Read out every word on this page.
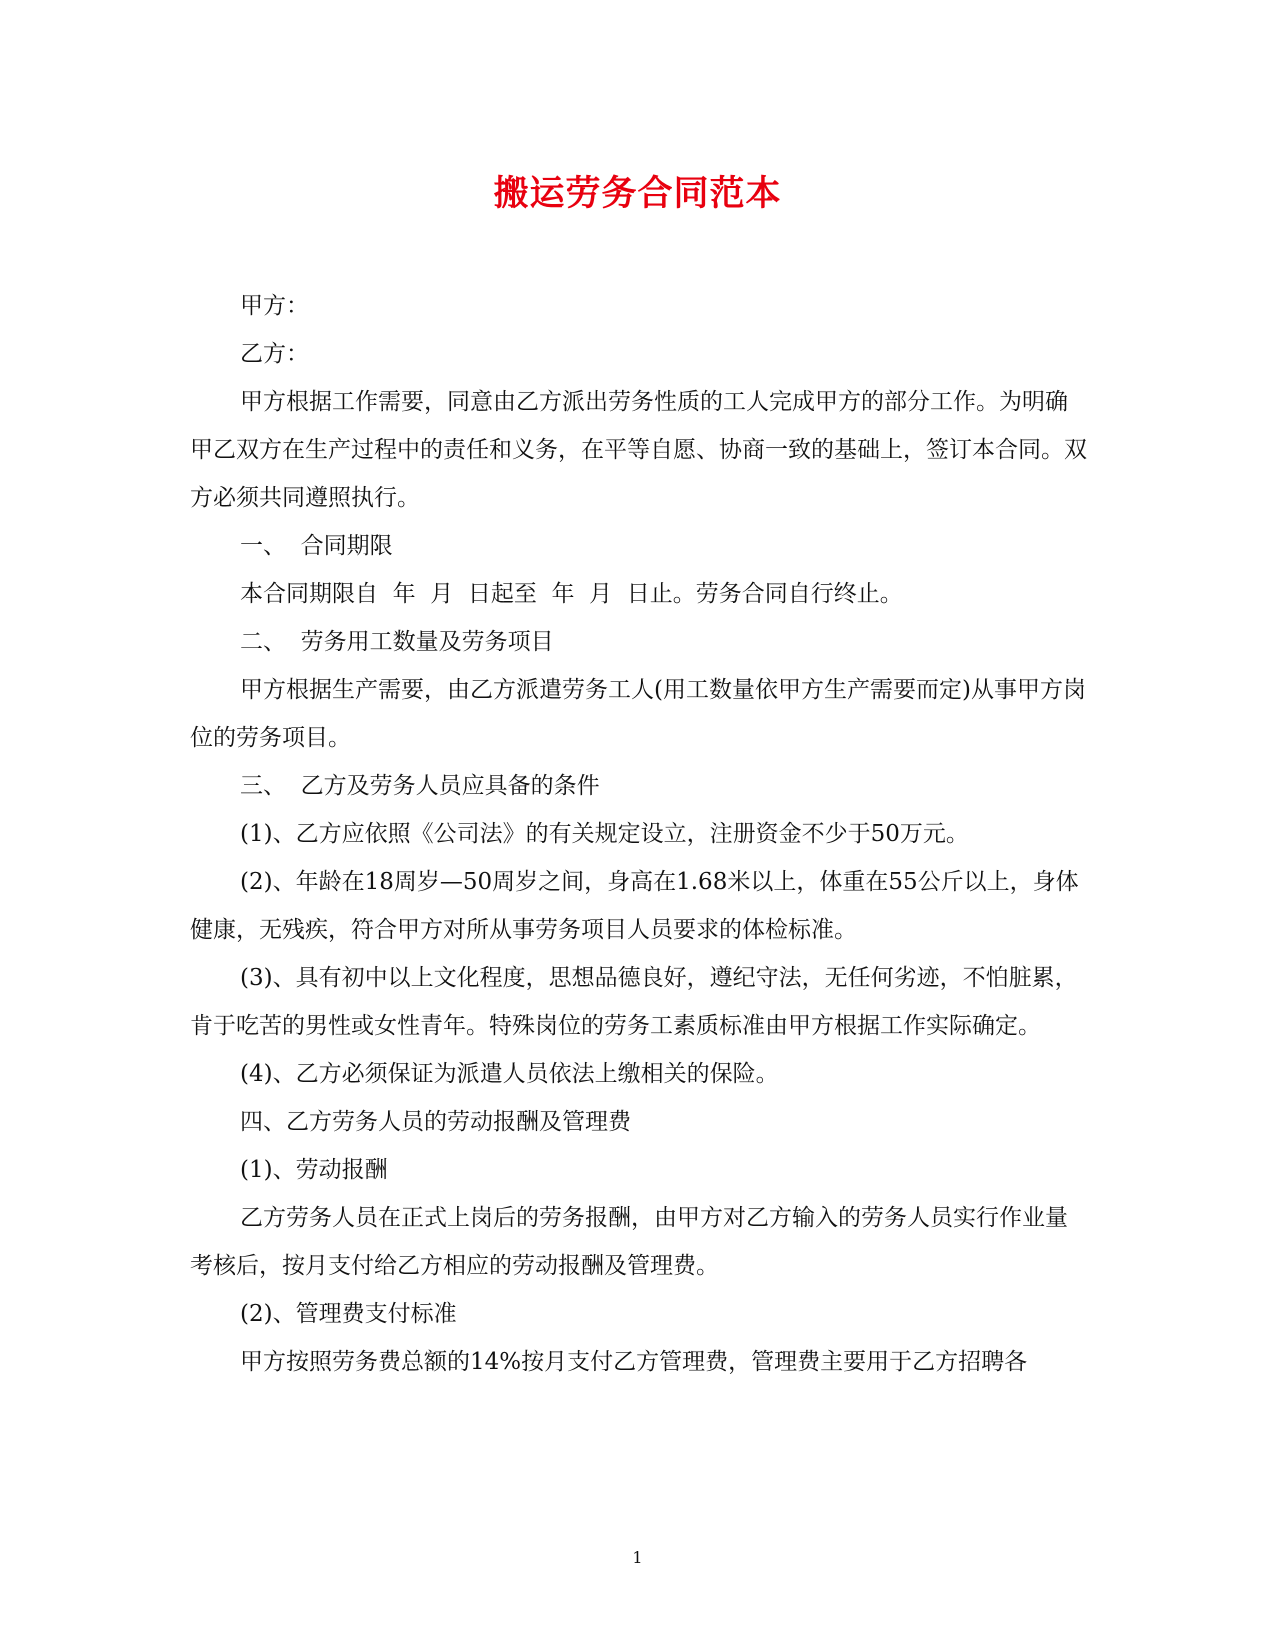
搬运劳务合同范本

甲方：

乙方：

甲方根据工作需要，同意由乙方派出劳务性质的工人完成甲方的部分工作。为明确甲乙双方在生产过程中的责任和义务，在平等自愿、协商一致的基础上，签订本合同。双方必须共同遵照执行。

一、  合同期限

本合同期限自  年  月  日起至  年  月  日止。劳务合同自行终止。

二、  劳务用工数量及劳务项目

甲方根据生产需要，由乙方派遣劳务工人(用工数量依甲方生产需要而定)从事甲方岗位的劳务项目。

三、  乙方及劳务人员应具备的条件

(1)、乙方应依照《公司法》的有关规定设立，注册资金不少于50万元。

(2)、年龄在18周岁—50周岁之间，身高在1.68米以上，体重在55公斤以上，身体健康，无残疾，符合甲方对所从事劳务项目人员要求的体检标准。

(3)、具有初中以上文化程度，思想品德良好，遵纪守法，无任何劣迹，不怕脏累，肯于吃苦的男性或女性青年。特殊岗位的劳务工素质标准由甲方根据工作实际确定。

(4)、乙方必须保证为派遣人员依法上缴相关的保险。

四、乙方劳务人员的劳动报酬及管理费

(1)、劳动报酬

乙方劳务人员在正式上岗后的劳务报酬，由甲方对乙方输入的劳务人员实行作业量考核后，按月支付给乙方相应的劳动报酬及管理费。

(2)、管理费支付标准

甲方按照劳务费总额的14%按月支付乙方管理费，管理费主要用于乙方招聘各

1
